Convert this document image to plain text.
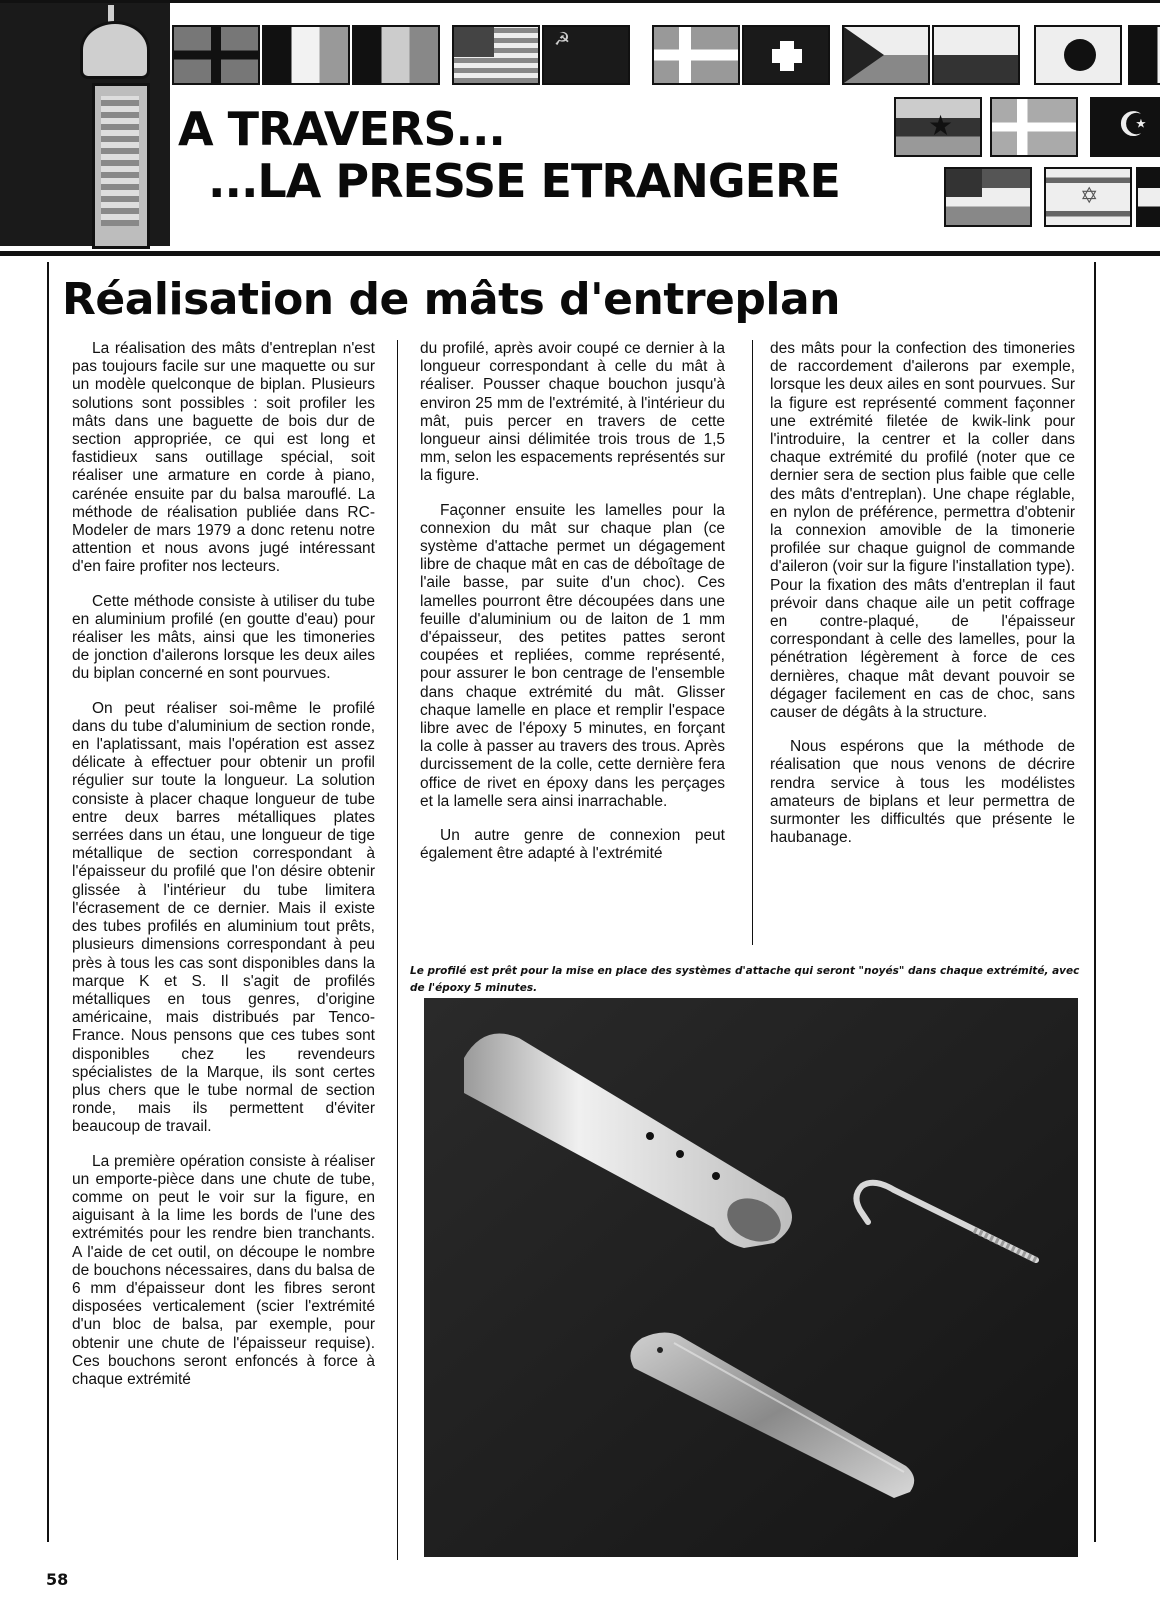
☭
★
☪
✡
A TRAVERS...
...LA PRESSE ETRANGERE
Réalisation de mâts d'entreplan

La réalisation des mâts d'entreplan n'est pas toujours facile sur une maquette ou sur un modèle quelconque de biplan. Plusieurs solutions sont possibles : soit profiler les mâts dans une baguette de bois dur de section appropriée, ce qui est long et fastidieux sans outillage spécial, soit réaliser une armature en corde à piano, carénée ensuite par du balsa marouflé. La méthode de réalisation publiée dans RC-Modeler de mars 1979 a donc retenu notre attention et nous avons jugé intéressant d'en faire profiter nos lecteurs.

Cette méthode consiste à utiliser du tube en aluminium profilé (en goutte d'eau) pour réaliser les mâts, ainsi que les timoneries de jonction d'ailerons lorsque les deux ailes du biplan concerné en sont pourvues.

On peut réaliser soi-même le profilé dans du tube d'aluminium de section ronde, en l'aplatissant, mais l'opération est assez délicate à effectuer pour obtenir un profil régulier sur toute la longueur. La solution consiste à placer chaque longueur de tube entre deux barres métalliques plates serrées dans un étau, une longueur de tige métallique de section correspondant à l'épaisseur du profilé que l'on désire obtenir glissée à l'intérieur du tube limitera l'écrasement de ce dernier. Mais il existe des tubes profilés en aluminium tout prêts, plusieurs dimensions correspondant à peu près à tous les cas sont disponibles dans la marque K et S. Il s'agit de profilés métalliques en tous genres, d'origine américaine, mais distribués par Tenco-France. Nous pensons que ces tubes sont disponibles chez les revendeurs spécialistes de la Marque, ils sont certes plus chers que le tube normal de section ronde, mais ils permettent d'éviter beaucoup de travail.

La première opération consiste à réaliser un emporte-pièce dans une chute de tube, comme on peut le voir sur la figure, en aiguisant à la lime les bords de l'une des extrémités pour les rendre bien tranchants. A l'aide de cet outil, on découpe le nombre de bouchons nécessaires, dans du balsa de 6 mm d'épaisseur dont les fibres seront disposées verticalement (scier l'extrémité d'un bloc de balsa, par exemple, pour obtenir une chute de l'épaisseur requise). Ces bouchons seront enfoncés à force à chaque extrémité

du profilé, après avoir coupé ce dernier à la longueur correspondant à celle du mât à réaliser. Pousser chaque bouchon jusqu'à environ 25 mm de l'extrémité, à l'intérieur du mât, puis percer en travers de cette longueur ainsi délimitée trois trous de 1,5 mm, selon les espacements représentés sur la figure.

Façonner ensuite les lamelles pour la connexion du mât sur chaque plan (ce système d'attache permet un dégagement libre de chaque mât en cas de déboîtage de l'aile basse, par suite d'un choc). Ces lamelles pourront être découpées dans une feuille d'aluminium ou de laiton de 1 mm d'épaisseur, des petites pattes seront coupées et repliées, comme représenté, pour assurer le bon centrage de l'ensemble dans chaque extrémité du mât. Glisser chaque lamelle en place et remplir l'espace libre avec de l'époxy 5 minutes, en forçant la colle à passer au travers des trous. Après durcissement de la colle, cette dernière fera office de rivet en époxy dans les perçages et la lamelle sera ainsi inarrachable.

Un autre genre de connexion peut également être adapté à l'extrémité

des mâts pour la confection des timoneries de raccordement d'ailerons par exemple, lorsque les deux ailes en sont pourvues. Sur la figure est représenté comment façonner une extrémité filetée de kwik-link pour l'introduire, la centrer et la coller dans chaque extrémité du profilé (noter que ce dernier sera de section plus faible que celle des mâts d'entreplan). Une chape réglable, en nylon de préférence, permettra d'obtenir la connexion amovible de la timonerie profilée sur chaque guignol de commande d'aileron (voir sur la figure l'installation type). Pour la fixation des mâts d'entreplan il faut prévoir dans chaque aile un petit coffrage en contre-plaqué, de l'épaisseur correspondant à celle des lamelles, pour la pénétration légèrement à force de ces dernières, chaque mât devant pouvoir se dégager facilement en cas de choc, sans causer de dégâts à la structure.

Nous espérons que la méthode de réalisation que nous venons de décrire rendra service à tous les modélistes amateurs de biplans et leur permettra de surmonter les difficultés que présente le haubanage.

Le profilé est prêt pour la mise en place des systèmes d'attache qui seront "noyés" dans chaque extrémité, avec de l'époxy 5 minutes.
58
